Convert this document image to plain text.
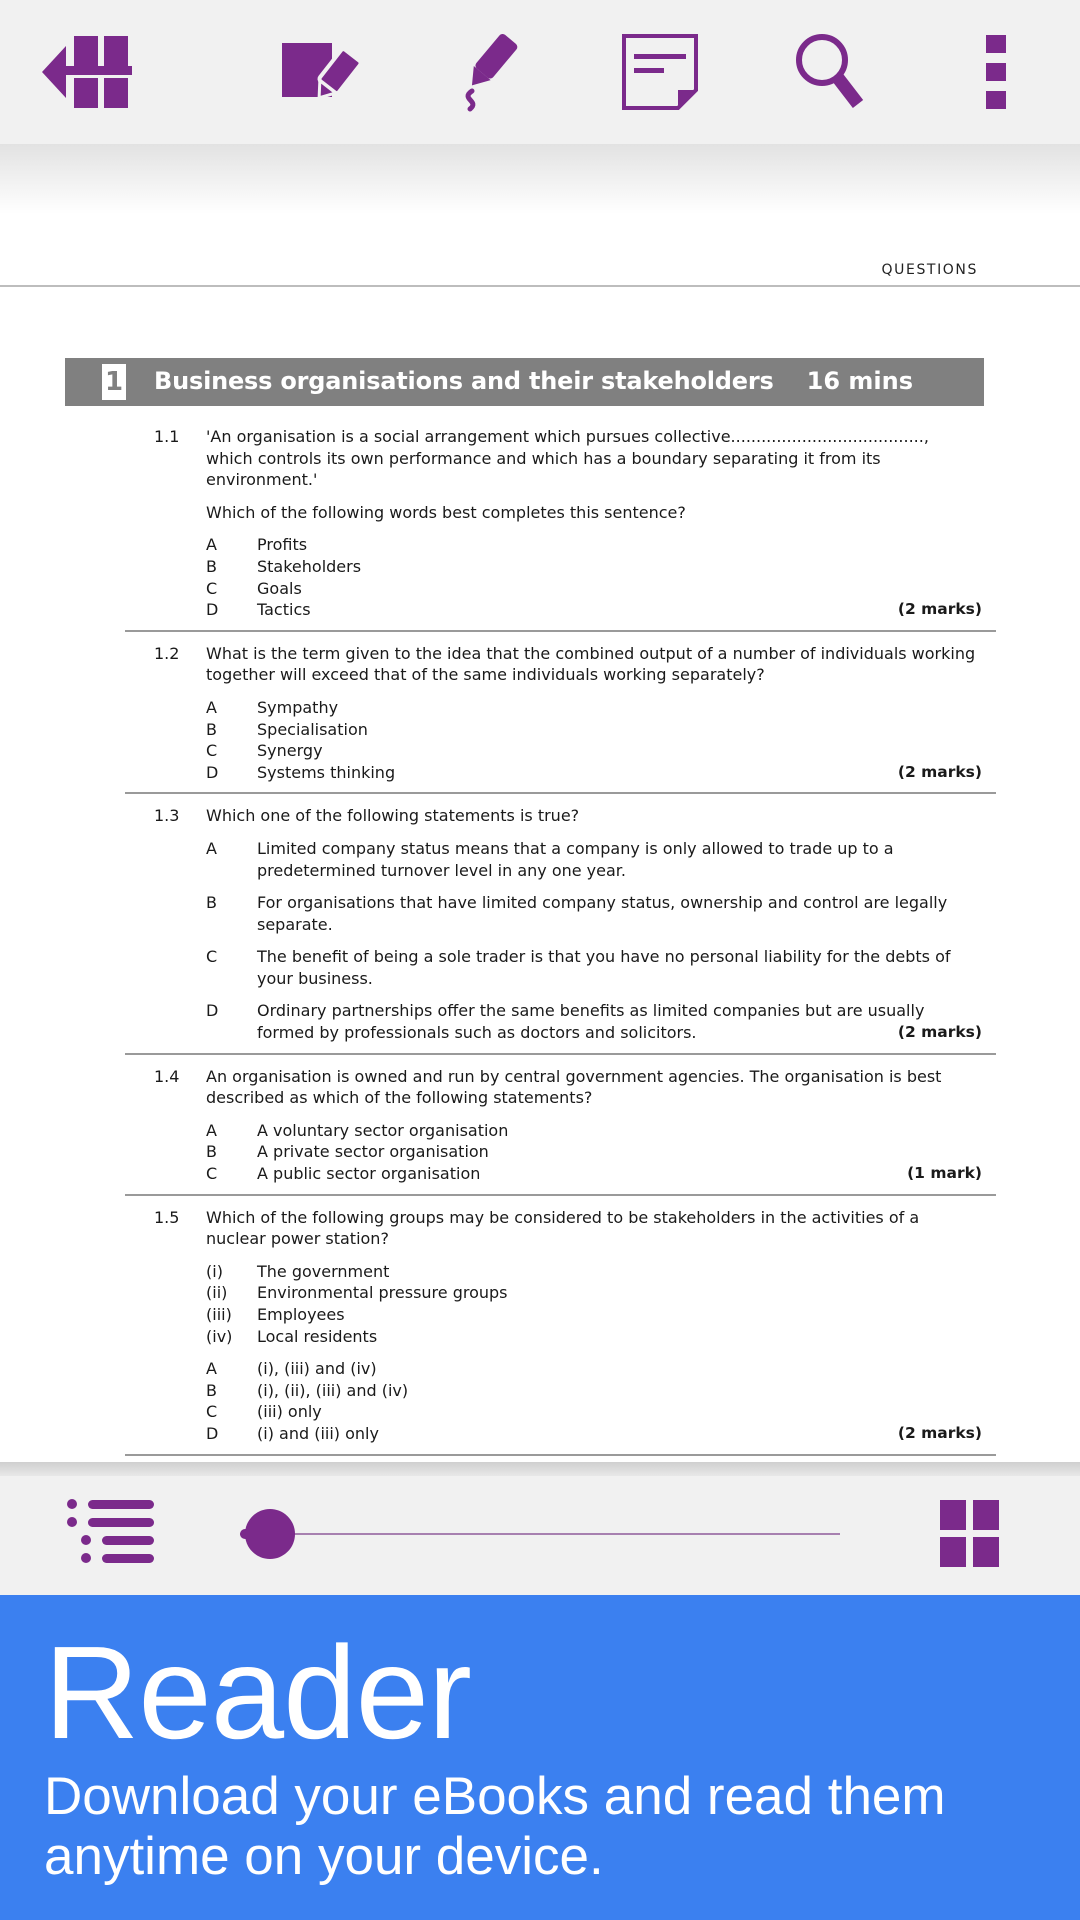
QUESTIONS
1 Business organisations and their stakeholders 16 mins
1.1 'An organisation is a social arrangement which pursues collective......................................, which controls its own performance and which has a boundary separating it from its environment.'
Which of the following words best completes this sentence?
A	Profits
B	Stakeholders
C	Goals
D	Tactics	(2 marks)
1.2 What is the term given to the idea that the combined output of a number of individuals working together will exceed that of the same individuals working separately?
A	Sympathy
B	Specialisation
C	Synergy
D	Systems thinking	(2 marks)
1.3 Which one of the following statements is true?
A	Limited company status means that a company is only allowed to trade up to a predetermined turnover level in any one year.
B	For organisations that have limited company status, ownership and control are legally separate.
C	The benefit of being a sole trader is that you have no personal liability for the debts of your business.
D	Ordinary partnerships offer the same benefits as limited companies but are usually formed by professionals such as doctors and solicitors.	(2 marks)
1.4 An organisation is owned and run by central government agencies. The organisation is best described as which of the following statements?
A	A voluntary sector organisation
B	A private sector organisation
C	A public sector organisation	(1 mark)
1.5 Which of the following groups may be considered to be stakeholders in the activities of a nuclear power station?
(i)	The government
(ii)	Environmental pressure groups
(iii)	Employees
(iv)	Local residents
A	(i), (iii) and (iv)
B	(i), (ii), (iii) and (iv)
C	(iii) only
D	(i) and (iii) only	(2 marks)
Reader
Download your eBooks and read them anytime on your device.
